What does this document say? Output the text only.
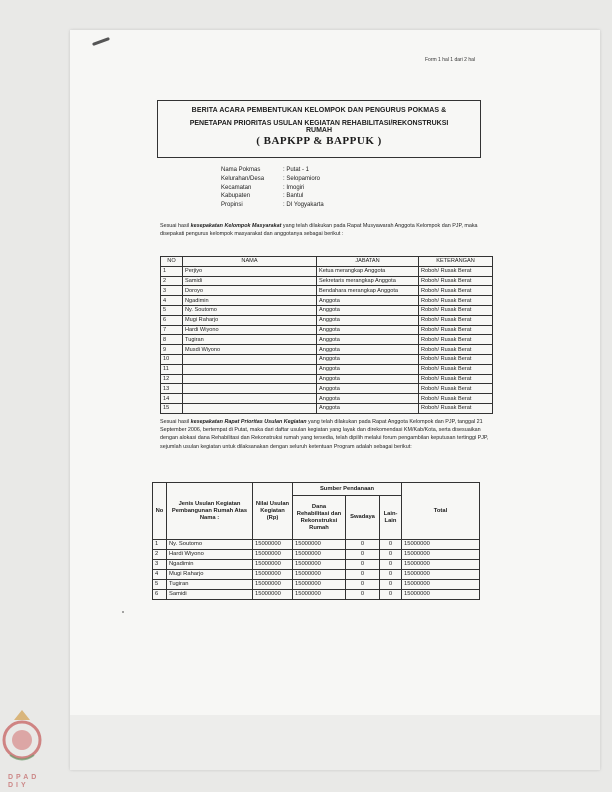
Form 1 hal 1 dari 2 hal
BERITA ACARA PEMBENTUKAN KELOMPOK DAN PENGURUS POKMAS &
PENETAPAN PRIORITAS USULAN KEGIATAN REHABILITASI/REKONSTRUKSI
RUMAH
( BAPKPP & BAPPUK )
Nama Pokmas	: Putat - 1
Kelurahan/Desa	: Selopamioro
Kecamatan	: Imogiri
Kabupaten	: Bantul
Propinsi	: DI Yogyakarta
Sesuai hasil kesepakatan Kelompok Masyarakat yang telah dilakukan pada Rapat Musyawarah Anggota Kelompok dan PJP, maka disepakati pengurus kelompok masyarakat dan anggotanya sebagai berikut :
NO	NAMA	JABATAN	KETERANGAN
1	Perjiyo	Ketua merangkap Anggota	Roboh/ Rusak Berat
2	Samidi	Sekretaris merangkap Anggota	Roboh/ Rusak Berat
3	Doroyo	Bendahara merangkap Anggota	Roboh/ Rusak Berat
4	Ngadimin	Anggota	Roboh/ Rusak Berat
5	Ny. Soutomo	Anggota	Roboh/ Rusak Berat
6	Mugi Raharjo	Anggota	Roboh/ Rusak Berat
7	Hardi Wiyono	Anggota	Roboh/ Rusak Berat
8	Tugiran	Anggota	Roboh/ Rusak Berat
9	Musdi Wiyono	Anggota	Roboh/ Rusak Berat
10		Anggota	Roboh/ Rusak Berat
11		Anggota	Roboh/ Rusak Berat
12		Anggota	Roboh/ Rusak Berat
13		Anggota	Roboh/ Rusak Berat
14		Anggota	Roboh/ Rusak Berat
15		Anggota	Roboh/ Rusak Berat
Sesuai hasil kesepakatan Rapat Prioritas Usulan Kegiatan yang telah dilakukan pada Rapat Anggota Kelompok dan PJP, tanggal 21 September 2006, bertempat di Putat, maka dari daftar usulan kegiatan yang layak dan direkomendasi KM/Kab/Kota, serta disesuaikan dengan alokasi dana Rehabilitasi dan Rekonstruksi rumah yang tersedia, telah dipilih melalui forum pengambilan keputusan tertinggi PJP, sejumlah usulan kegiatan untuk dilaksanakan dengan seluruh ketentuan Program adalah sebagai berikut:
No	Jenis Usulan Kegiatan Pembangunan Rumah Atas Nama :	Nilai Usulan Kegiatan (Rp)	Sumber Pendanaan			Total
			Dana Rehabilitasi dan Rekonstruksi Rumah	Swadaya	Lain-Lain	
1	Ny. Soutomo	15000000	15000000	0	0	15000000
2	Hardi Wiyono	15000000	15000000	0	0	15000000
3	Ngadimin	15000000	15000000	0	0	15000000
4	Mugi Raharjo	15000000	15000000	0	0	15000000
5	Tugiran	15000000	15000000	0	0	15000000
6	Samidi	15000000	15000000	0	0	15000000
DPAD
DIY
